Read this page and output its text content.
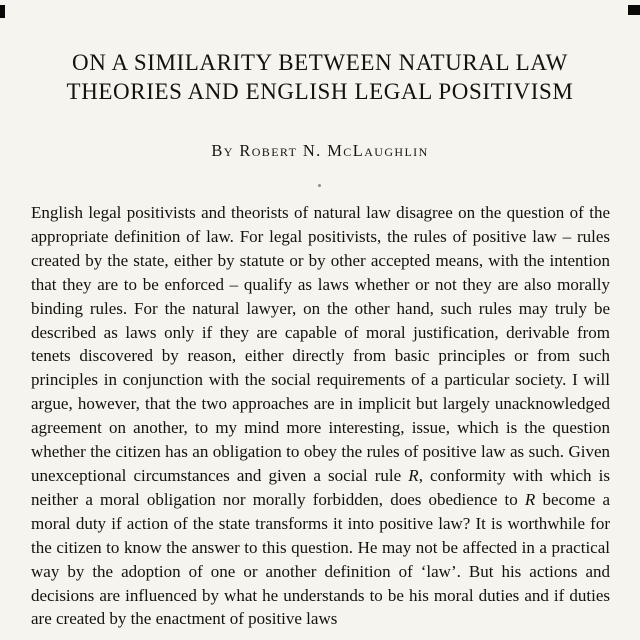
ON A SIMILARITY BETWEEN NATURAL LAW
THEORIES AND ENGLISH LEGAL POSITIVISM
By Robert N. McLaughlin

English legal positivists and theorists of natural law disagree on the question of the appropriate definition of law. For legal positivists, the rules of positive law – rules created by the state, either by statute or by other accepted means, with the intention that they are to be enforced – qualify as laws whether or not they are also morally binding rules. For the natural lawyer, on the other hand, such rules may truly be described as laws only if they are capable of moral justification, derivable from tenets discovered by reason, either directly from basic principles or from such principles in conjunction with the social requirements of a particular society. I will argue, however, that the two approaches are in implicit but largely unacknowledged agreement on another, to my mind more interesting, issue, which is the question whether the citizen has an obligation to obey the rules of positive law as such. Given unexceptional circumstances and given a social rule R, conformity with which is neither a moral obligation nor morally forbidden, does obedience to R become a moral duty if action of the state transforms it into positive law? It is worthwhile for the citizen to know the answer to this question. He may not be affected in a practical way by the adoption of one or another definition of ‘law’. But his actions and decisions are influenced by what he understands to be his moral duties and if duties are created by the enactment of positive laws
